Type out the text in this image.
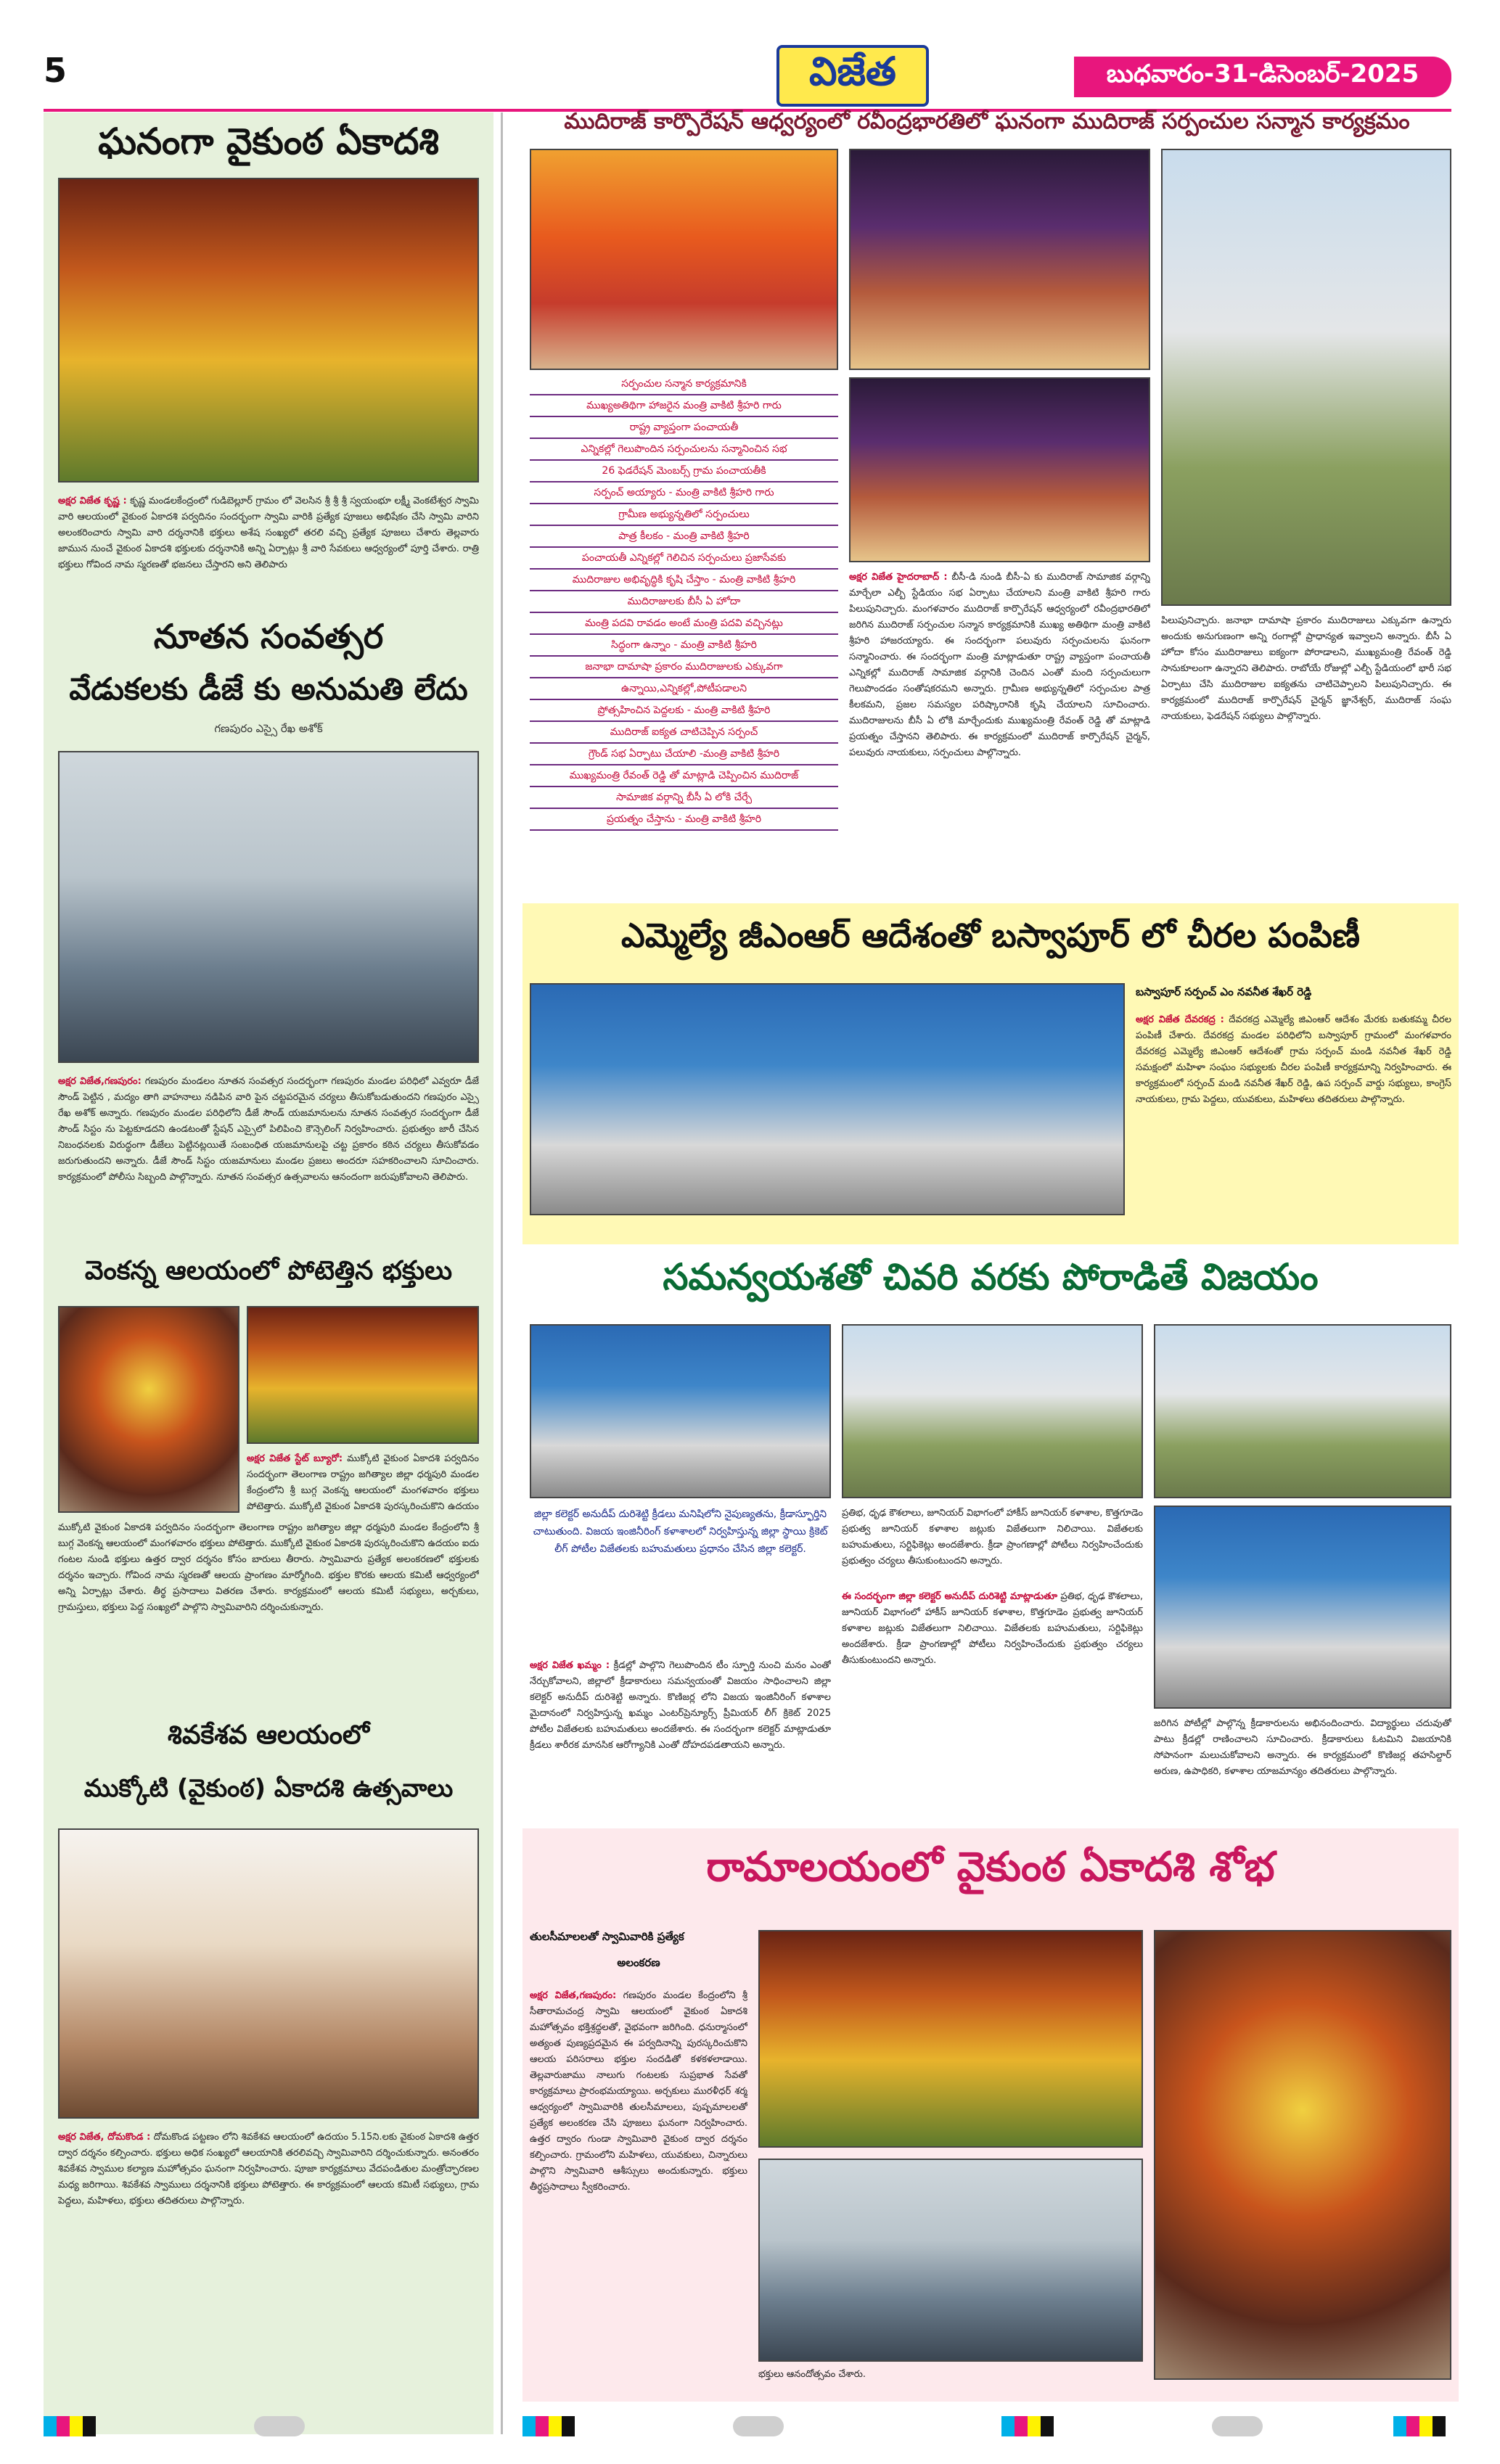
5	విజేత	బుధవారం-31-డిసెంబర్-2025
ఘనంగా వైకుంఠ ఏకాదశి
అక్షర విజేత కృష్ణ : కృష్ణ మండలకేంద్రంలో గుడిబెల్లూర్ గ్రామం లో వెలసిన శ్రీ శ్రీ శ్రీ స్వయంభూ లక్ష్మీ వెంకటేశ్వర స్వామి వారి ఆలయంలో వైకుంఠ ఏకాదశి పర్వదినం సందర్భంగా స్వామి వారికి ప్రత్యేక పూజలు అభిషేకం చేసి స్వామి వారిని అలంకరించారు స్వామి వారి దర్శనానికి భక్తులు అశేష సంఖ్యలో తరలి వచ్చి ప్రత్యేక పూజలు చేశారు తెల్లవారు జామున నుంచే వైకుంఠ ఏకాదశి భక్తులకు దర్శనానికి అన్ని ఏర్పాట్లు శ్రీ వారి సేవకులు ఆధ్వర్యంలో పూర్తి చేశారు. రాత్రి భక్తులు గోవింద నామ స్మరణతో భజనలు చేస్తారని అని తెలిపారు
నూతన సంవత్సర
వేడుకలకు డీజే కు అనుమతి లేదు
గణపురం ఎస్సై రేఖ అశోక్
అక్షర విజేత,గణపురం: గణపురం మండలం నూతన సంవత్సర సందర్భంగా గణపురం మండల పరిధిలో ఎవ్వరూ డీజే సౌండ్ పెట్టిన , మద్యం తాగి వాహనాలు నడిపిన వారి పైన చట్టపరమైన చర్యలు తీసుకోబడుతుందని గణపురం ఎస్సై రేఖ అశోక్ అన్నారు. గణపురం మండల పరిధిలోని డీజే సౌండ్ యజమానులను నూతన సంవత్సర సందర్భంగా డీజే సౌండ్ సిస్టం ను పెట్టకూడదని ఉండటంతో స్టేషన్ ఎస్సైలో పిలిపించి కౌన్సెలింగ్ నిర్వహించారు. ప్రభుత్వం జారీ చేసిన నిబంధనలకు విరుద్ధంగా డీజేలు పెట్టినట్లయితే సంబంధిత యజమానులపై చట్ట ప్రకారం కఠిన చర్యలు తీసుకోవడం జరుగుతుందని అన్నారు. డీజే సౌండ్ సిస్టం యజమానులు మండల ప్రజలు అందరూ సహకరించాలని సూచించారు. కార్యక్రమంలో పోలీసు సిబ్బంది పాల్గొన్నారు. నూతన సంవత్సర ఉత్సవాలను ఆనందంగా జరుపుకోవాలని తెలిపారు.
వెంకన్న ఆలయంలో పోటెత్తిన భక్తులు
అక్షర విజేత స్టేట్ బ్యూరో: ముక్కోటి వైకుంఠ ఏకాదశి పర్వదినం సందర్భంగా తెలంగాణ రాష్ట్రం జగిత్యాల జిల్లా ధర్మపురి మండల కేంద్రంలోని శ్రీ బుగ్గ వెంకన్న ఆలయంలో మంగళవారం భక్తులు పోటెత్తారు. ముక్కోటి వైకుంఠ ఏకాదశి పురస్కరించుకొని ఉదయం
ముక్కోటి వైకుంఠ ఏకాదశి పర్వదినం సందర్భంగా తెలంగాణ రాష్ట్రం జగిత్యాల జిల్లా ధర్మపురి మండల కేంద్రంలోని శ్రీ బుగ్గ వెంకన్న ఆలయంలో మంగళవారం భక్తులు పోటెత్తారు. ముక్కోటి వైకుంఠ ఏకాదశి పురస్కరించుకొని ఉదయం ఐదు గంటల నుండి భక్తులు ఉత్తర ద్వార దర్శనం కోసం బారులు తీరారు. స్వామివారు ప్రత్యేక అలంకరణలో భక్తులకు దర్శనం ఇచ్చారు. గోవింద నామ స్మరణతో ఆలయ ప్రాంగణం మార్మోగింది. భక్తుల కొరకు ఆలయ కమిటీ ఆధ్వర్యంలో అన్ని ఏర్పాట్లు చేశారు. తీర్థ ప్రసాదాలు వితరణ చేశారు. కార్యక్రమంలో ఆలయ కమిటీ సభ్యులు, అర్చకులు, గ్రామస్తులు, భక్తులు పెద్ద సంఖ్యలో పాల్గొని స్వామివారిని దర్శించుకున్నారు.
శివకేశవ ఆలయంలో
ముక్కోటి (వైకుంఠ) ఏకాదశి ఉత్సవాలు
అక్షర విజేత, దోమకొండ : దోమకొండ పట్టణం లోని శివకేశవ ఆలయంలో ఉదయం 5.15ని.లకు వైకుంఠ ఏకాదశి ఉత్తర ద్వార దర్శనం కల్పించారు. భక్తులు అధిక సంఖ్యలో ఆలయానికి తరలివచ్చి స్వామివారిని దర్శించుకున్నారు. అనంతరం శివకేశవ స్వాముల కల్యాణ మహోత్సవం ఘనంగా నిర్వహించారు. పూజా కార్యక్రమాలు వేదపండితుల మంత్రోచ్ఛారణల మధ్య జరిగాయి. శివకేశవ స్వాములు దర్శనానికి భక్తులు పోటెత్తారు. ఈ కార్యక్రమంలో ఆలయ కమిటీ సభ్యులు, గ్రామ పెద్దలు, మహిళలు, భక్తులు తదితరులు పాల్గొన్నారు.
ముదిరాజ్ కార్పొరేషన్ ఆధ్వర్యంలో రవీంద్రభారతిలో ఘనంగా ముదిరాజ్ సర్పంచుల సన్మాన కార్యక్రమం
సర్పంచుల సన్మాన కార్యక్రమానికి
ముఖ్యఅతిథిగా హాజరైన మంత్రి వాకిటి శ్రీహరి గారు
రాష్ట్ర వ్యాప్తంగా పంచాయతీ
ఎన్నికల్లో గెలుపొందిన సర్పంచులను సన్మానించిన సభ
26 ఫెడరేషన్ మెంబర్స్ గ్రామ పంచాయతీకి
సర్పంచ్ అయ్యారు - మంత్రి వాకిటి శ్రీహరి గారు
గ్రామీణ అభ్యున్నతిలో సర్పంచులు
పాత్ర కీలకం - మంత్రి వాకిటి శ్రీహరి
పంచాయతీ ఎన్నికల్లో గెలిచిన సర్పంచులు ప్రజాసేవకు
ముదిరాజుల అభివృద్ధికి కృషి చేస్తాం - మంత్రి వాకిటి శ్రీహరి
ముదిరాజులకు బీసీ ఏ హోదా
మంత్రి పదవి రావడం అంటే మంత్రి పదవి వచ్చినట్లు
సిద్ధంగా ఉన్నాం - మంత్రి వాకిటి శ్రీహరి
జనాభా దామాషా ప్రకారం ముదిరాజులకు ఎక్కువగా
ఉన్నాయి,ఎన్నికల్లో,పోటీపడాలని
ప్రోత్సహించిన పెద్దలకు - మంత్రి వాకిటి శ్రీహరి
ముదిరాజ్ ఐక్యత చాటిచెప్పిన సర్పంచ్
గ్రౌండ్ సభ ఏర్పాటు చేయాలి -మంత్రి వాకిటి శ్రీహరి
ముఖ్యమంత్రి రేవంత్ రెడ్డి తో మాట్లాడి చెప్పించిన ముదిరాజ్
సామాజిక వర్గాన్ని బీసీ ఏ లోకి చేర్చే
ప్రయత్నం చేస్తాను - మంత్రి వాకిటి శ్రీహరి
అక్షర విజేత హైదరాబాద్ : బీసీ-డి నుండి బీసీ-ఏ కు ముదిరాజ్ సామాజిక వర్గాన్ని మార్చేలా ఎల్బీ స్టేడియం సభ ఏర్పాటు చేయాలని మంత్రి వాకిటి శ్రీహరి గారు పిలుపునిచ్చారు. మంగళవారం ముదిరాజ్ కార్పొరేషన్ ఆధ్వర్యంలో రవీంద్రభారతిలో జరిగిన ముదిరాజ్ సర్పంచుల సన్మాన కార్యక్రమానికి ముఖ్య అతిథిగా మంత్రి వాకిటి శ్రీహరి హాజరయ్యారు. ఈ సందర్భంగా పలువురు సర్పంచులను ఘనంగా సన్మానించారు. ఈ సందర్భంగా మంత్రి మాట్లాడుతూ రాష్ట్ర వ్యాప్తంగా పంచాయతీ ఎన్నికల్లో ముదిరాజ్ సామాజిక వర్గానికి చెందిన ఎంతో మంది సర్పంచులుగా గెలుపొందడం సంతోషకరమని అన్నారు. గ్రామీణ అభ్యున్నతిలో సర్పంచుల పాత్ర కీలకమని, ప్రజల సమస్యల పరిష్కారానికి కృషి చేయాలని సూచించారు. ముదిరాజులను బీసీ ఏ లోకి మార్చేందుకు ముఖ్యమంత్రి రేవంత్ రెడ్డి తో మాట్లాడి ప్రయత్నం చేస్తానని తెలిపారు. ఈ కార్యక్రమంలో ముదిరాజ్ కార్పొరేషన్ చైర్మన్, పలువురు నాయకులు, సర్పంచులు పాల్గొన్నారు.
పిలుపునిచ్చారు. జనాభా దామాషా ప్రకారం ముదిరాజులు ఎక్కువగా ఉన్నారు అందుకు అనుగుణంగా అన్ని రంగాల్లో ప్రాధాన్యత ఇవ్వాలని అన్నారు. బీసీ ఏ హోదా కోసం ముదిరాజులు ఐక్యంగా పోరాడాలని, ముఖ్యమంత్రి రేవంత్ రెడ్డి సానుకూలంగా ఉన్నారని తెలిపారు. రాబోయే రోజుల్లో ఎల్బీ స్టేడియంలో భారీ సభ ఏర్పాటు చేసి ముదిరాజుల ఐక్యతను చాటిచెప్పాలని పిలుపునిచ్చారు. ఈ కార్యక్రమంలో ముదిరాజ్ కార్పొరేషన్ చైర్మన్ జ్ఞానేశ్వర్, ముదిరాజ్ సంఘ నాయకులు, ఫెడరేషన్ సభ్యులు పాల్గొన్నారు.
ఎమ్మెల్యే జీఎంఆర్ ఆదేశంతో బస్వాపూర్ లో చీరల పంపిణీ
బస్వాపూర్ సర్పంచ్ ఎం నవనీత శేఖర్ రెడ్డి
అక్షర విజేత దేవరకద్ర : దేవరకద్ర ఎమ్మెల్యే జిఎంఆర్ ఆదేశం మేరకు బతుకమ్మ చీరల పంపిణీ చేశారు. దేవరకద్ర మండల పరిధిలోని బస్వాపూర్ గ్రామంలో మంగళవారం దేవరకద్ర ఎమ్మెల్యే జిఎంఆర్ ఆదేశంతో గ్రామ సర్పంచ్ మండి నవనీత శేఖర్ రెడ్డి సమక్షంలో మహిళా సంఘం సభ్యులకు చీరల పంపిణీ కార్యక్రమాన్ని నిర్వహించారు. ఈ కార్యక్రమంలో సర్పంచ్ మండి నవనీత శేఖర్ రెడ్డి, ఉప సర్పంచ్ వార్డు సభ్యులు, కాంగ్రెస్ నాయకులు, గ్రామ పెద్దలు, యువకులు, మహిళలు తదితరులు పాల్గొన్నారు.
సమన్వయశతో చివరి వరకు పోరాడితే విజయం
జిల్లా కలెక్టర్ అనుదీప్ దురిశెట్టి క్రీడలు మనిషిలోని నైపుణ్యతను, క్రీడాస్ఫూర్తిని చాటుతుంది. విజయ ఇంజినీరింగ్ కళాశాలలో నిర్వహిస్తున్న జిల్లా స్థాయి క్రికెట్ లీగ్ పోటీల విజేతలకు బహుమతులు ప్రధానం చేసిన జిల్లా కలెక్టర్.
అక్షర విజేత ఖమ్మం : క్రీడల్లో పాల్గొని గెలుపొందిన టీం స్ఫూర్తి నుంచి మనం ఎంతో నేర్చుకోవాలని, జిల్లాలో క్రీడాకారులు సమన్వయంతో విజయం సాధించాలని జిల్లా కలెక్టర్ అనుదీప్ దురిశెట్టి అన్నారు. కొణిజర్ల లోని విజయ ఇంజినీరింగ్ కళాశాల మైదానంలో నిర్వహిస్తున్న ఖమ్మం ఎంటర్‌ప్రెన్యూర్స్ ప్రీమియర్ లీగ్ క్రికెట్ 2025 పోటీల విజేతలకు బహుమతులు అందజేశారు. ఈ సందర్భంగా కలెక్టర్ మాట్లాడుతూ క్రీడలు శారీరక మానసిక ఆరోగ్యానికి ఎంతో దోహదపడతాయని అన్నారు.
ప్రతిభ, ధృఢ కౌశలాలు, జూనియర్ విభాగంలో హాకీస్ జూనియర్ కళాశాల, కొత్తగూడెం ప్రభుత్వ జూనియర్ కళాశాల జట్లుకు విజేతలుగా నిలిచాయి. విజేతలకు బహుమతులు, సర్టిఫికెట్లు అందజేశారు. క్రీడా ప్రాంగణాల్లో పోటీలు నిర్వహించేందుకు ప్రభుత్వం చర్యలు తీసుకుంటుందని అన్నారు.
ఈ సందర్భంగా జిల్లా కలెక్టర్ అనుదీప్ దురిశెట్టి మాట్లాడుతూ ప్రతిభ, ధృఢ కౌశలాలు, జూనియర్ విభాగంలో హాకీస్ జూనియర్ కళాశాల, కొత్తగూడెం ప్రభుత్వ జూనియర్ కళాశాల జట్లుకు విజేతలుగా నిలిచాయి. విజేతలకు బహుమతులు, సర్టిఫికెట్లు అందజేశారు. క్రీడా ప్రాంగణాల్లో పోటీలు నిర్వహించేందుకు ప్రభుత్వం చర్యలు తీసుకుంటుందని అన్నారు.
జరిగిన పోటీల్లో పాల్గొన్న క్రీడాకారులను అభినందించారు. విద్యార్థులు చదువుతో పాటు క్రీడల్లో రాణించాలని సూచించారు. క్రీడాకారులు ఓటమిని విజయానికి సోపానంగా మలుచుకోవాలని అన్నారు. ఈ కార్యక్రమంలో కొణిజర్ల తహసిల్దార్ అరుణ, ఉపాధికరి, కళాశాల యాజమాన్యం తదితరులు పాల్గొన్నారు.
రామాలయంలో వైకుంఠ ఏకాదశి శోభ
తులసీమాలలతో స్వామివారికి ప్రత్యేక
అలంకరణ
అక్షర విజేత,గణపురం: గణపురం మండల కేంద్రంలోని శ్రీ సీతారామచంద్ర స్వామి ఆలయంలో వైకుంఠ ఏకాదశి మహోత్సవం భక్తిశ్రద్ధలతో, వైభవంగా జరిగింది. ధనుర్మాసంలో అత్యంత పుణ్యప్రదమైన ఈ పర్వదినాన్ని పురస్కరించుకొని ఆలయ పరిసరాలు భక్తుల సందడితో కళకళలాడాయి. తెల్లవారుజాము నాలుగు గంటలకు సుప్రభాత సేవతో కార్యక్రమాలు ప్రారంభమయ్యాయి. అర్చకులు మురళీధర్ శర్మ ఆధ్వర్యంలో స్వామివారికి తులసీమాలలు, పుష్పమాలలతో ప్రత్యేక అలంకరణ చేసి పూజలు ఘనంగా నిర్వహించారు. ఉత్తర ద్వారం గుండా స్వామివారి వైకుంఠ ద్వార దర్శనం కల్పించారు. గ్రామంలోని మహిళలు, యువకులు, చిన్నారులు పాల్గొని స్వామివారి ఆశీస్సులు అందుకున్నారు. భక్తులు తీర్థప్రసాదాలు స్వీకరించారు.
భక్తులు ఆనందోత్సవం చేశారు.
